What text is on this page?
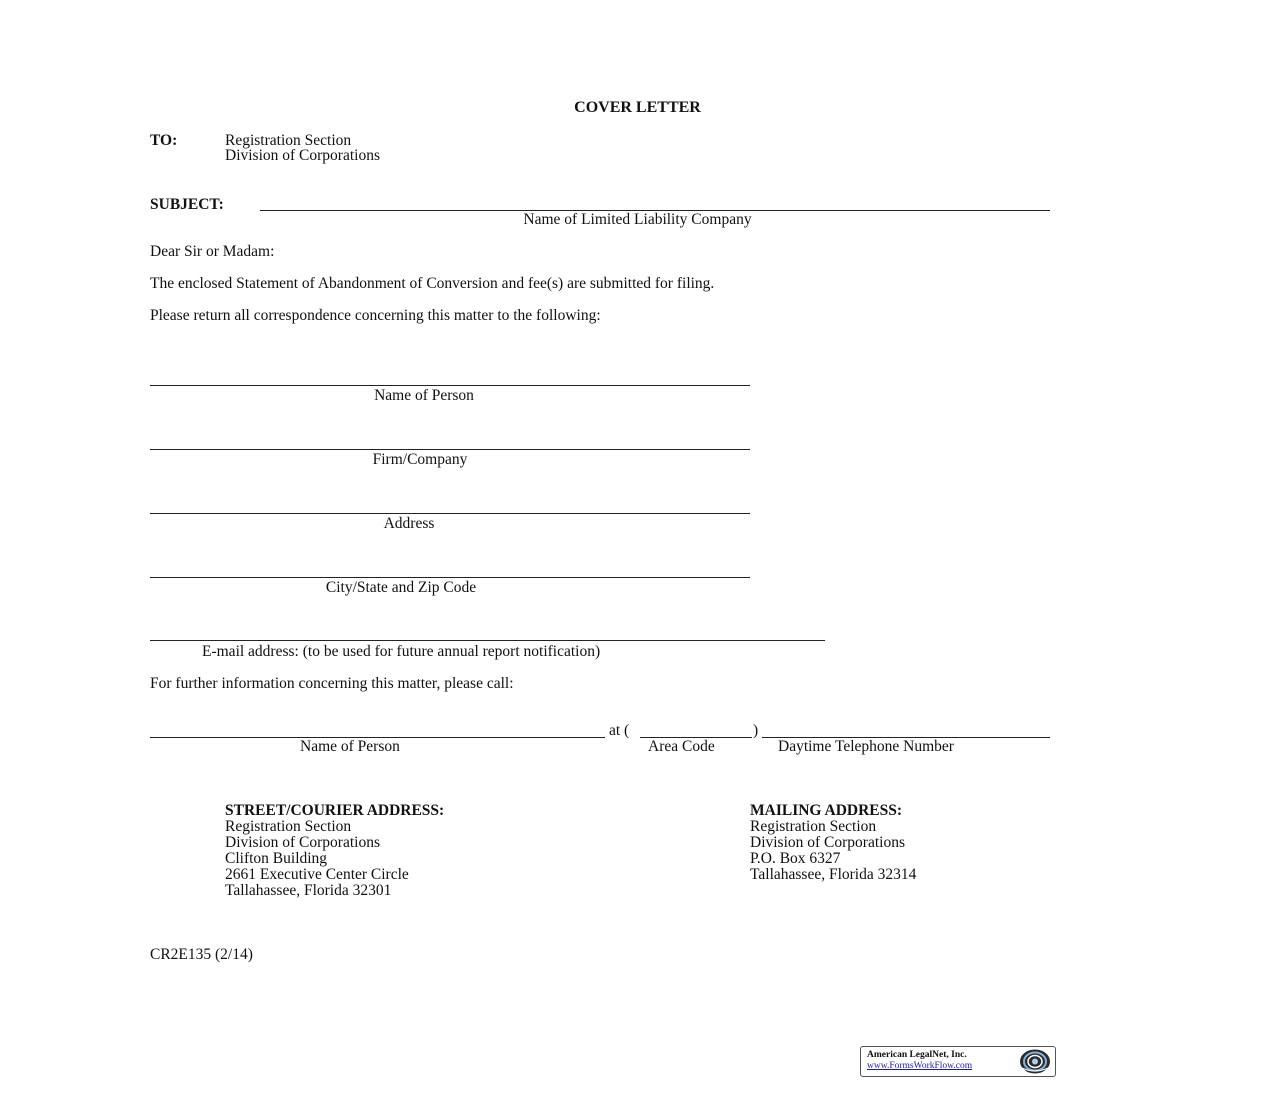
COVER LETTER
TO:	Registration Section
Division of Corporations
SUBJECT:
Name of Limited Liability Company
Dear Sir or Madam:
The enclosed Statement of Abandonment of Conversion and fee(s) are submitted for filing.
Please return all correspondence concerning this matter to the following:
Name of Person
Firm/Company
Address
City/State and Zip Code
E-mail address: (to be used for future annual report notification)
For further information concerning this matter, please call:
at (	)
Name of Person	Area Code	Daytime Telephone Number
STREET/COURIER ADDRESS:
Registration Section
Division of Corporations
Clifton Building
2661 Executive Center Circle
Tallahassee, Florida 32301
MAILING ADDRESS:
Registration Section
Division of Corporations
P.O. Box 6327
Tallahassee, Florida 32314
CR2E135 (2/14)
American LegalNet, Inc.
www.FormsWorkFlow.com
